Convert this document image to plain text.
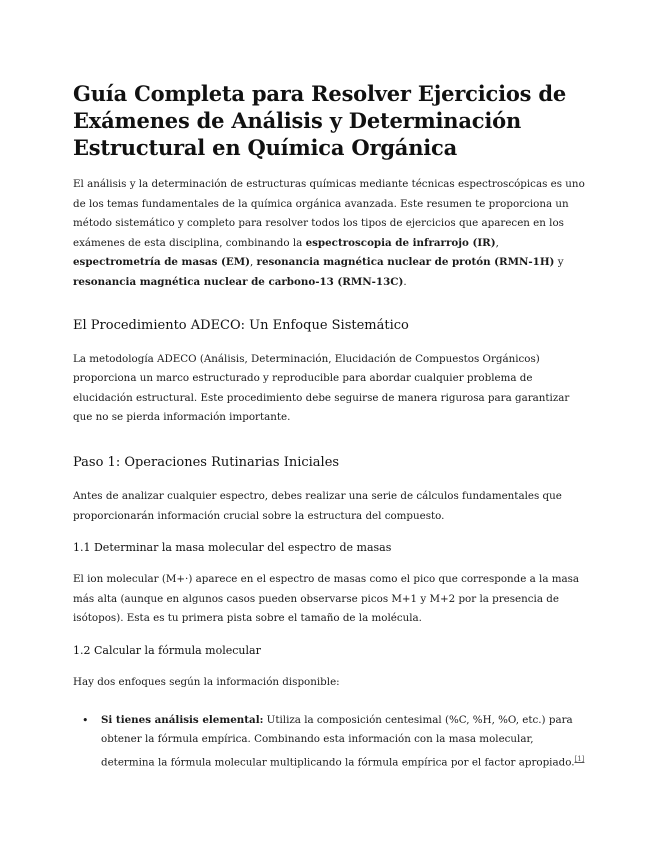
Guía Completa para Resolver Ejercicios de Exámenes de Análisis y Determinación Estructural en Química Orgánica

El análisis y la determinación de estructuras químicas mediante técnicas espectroscópicas es uno de los temas fundamentales de la química orgánica avanzada. Este resumen te proporciona un método sistemático y completo para resolver todos los tipos de ejercicios que aparecen en los exámenes de esta disciplina, combinando la espectroscopia de infrarrojo (IR), espectrometría de masas (EM), resonancia magnética nuclear de protón (RMN-1H) y resonancia magnética nuclear de carbono-13 (RMN-13C).

El Procedimiento ADECO: Un Enfoque Sistemático

La metodología ADECO (Análisis, Determinación, Elucidación de Compuestos Orgánicos) proporciona un marco estructurado y reproducible para abordar cualquier problema de elucidación estructural. Este procedimiento debe seguirse de manera rigurosa para garantizar que no se pierda información importante.

Paso 1: Operaciones Rutinarias Iniciales

Antes de analizar cualquier espectro, debes realizar una serie de cálculos fundamentales que proporcionarán información crucial sobre la estructura del compuesto.

1.1 Determinar la masa molecular del espectro de masas

El ion molecular (M+·) aparece en el espectro de masas como el pico que corresponde a la masa más alta (aunque en algunos casos pueden observarse picos M+1 y M+2 por la presencia de isótopos). Esta es tu primera pista sobre el tamaño de la molécula.

1.2 Calcular la fórmula molecular

Hay dos enfoques según la información disponible:

• Si tienes análisis elemental: Utiliza la composición centesimal (%C, %H, %O, etc.) para obtener la fórmula empírica. Combinando esta información con la masa molecular, determina la fórmula molecular multiplicando la fórmula empírica por el factor apropiado.[1]
